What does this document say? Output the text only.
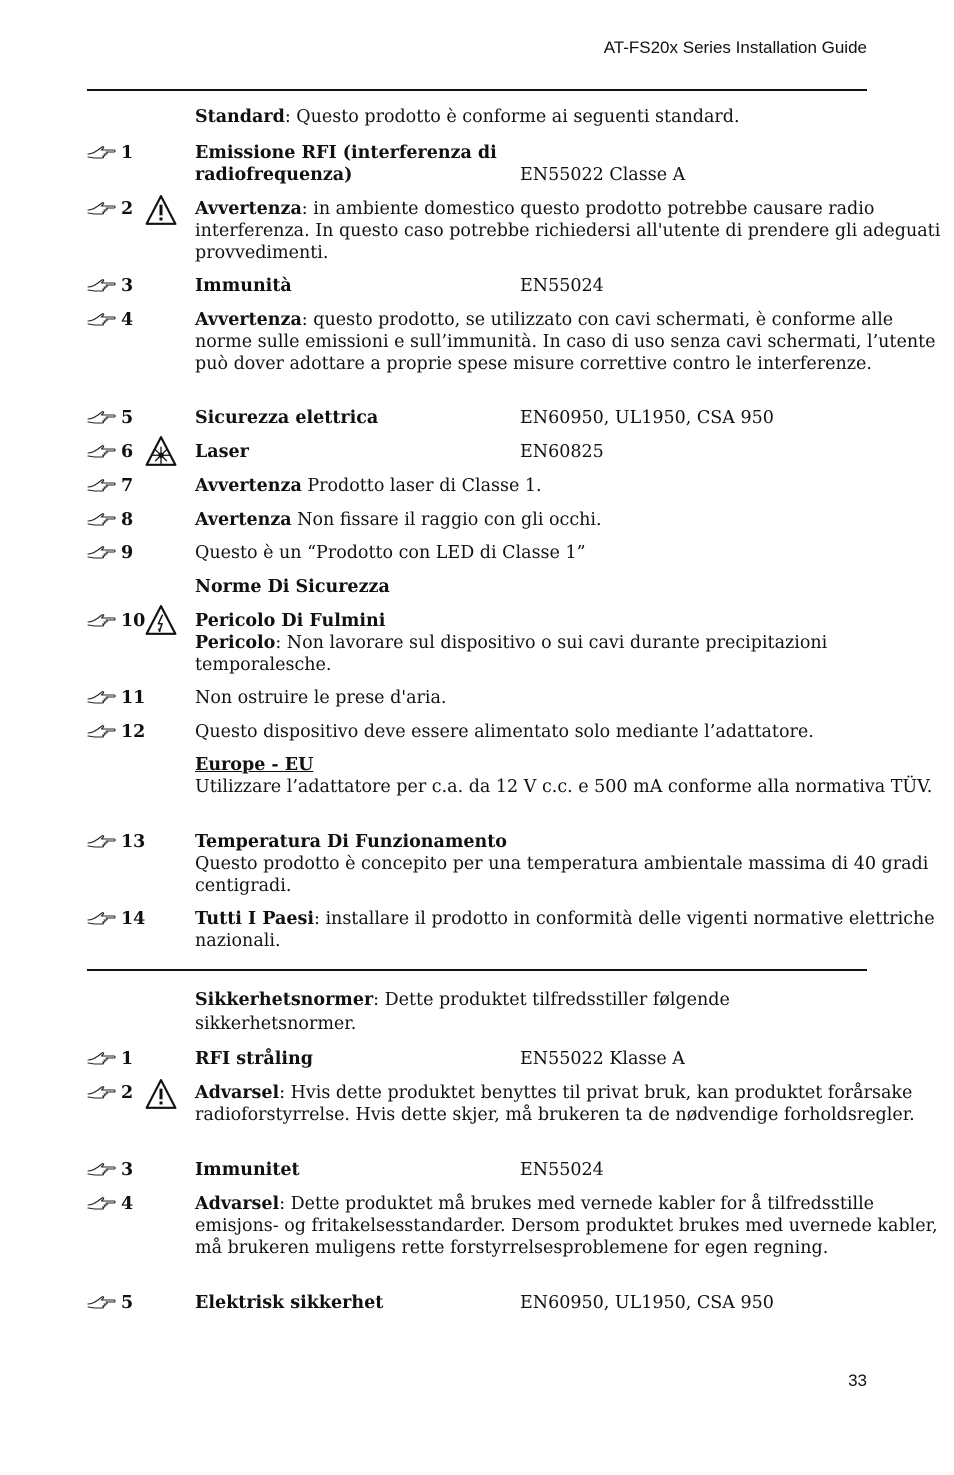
AT-FS20x Series Installation Guide
Standard: Questo prodotto è conforme ai seguenti standard.
1	Emissione RFI (interferenza di radiofrequenza)	EN55022 Classe A
2	Avvertenza: in ambiente domestico questo prodotto potrebbe causare radio interferenza. In questo caso potrebbe richiedersi all'utente di prendere gli adeguati provvedimenti.
3	Immunità	EN55024
4	Avvertenza: questo prodotto, se utilizzato con cavi schermati, è conforme alle norme sulle emissioni e sull’immunità. In caso di uso senza cavi schermati, l’utente può dover adottare a proprie spese misure correttive contro le interferenze.
5	Sicurezza elettrica	EN60950, UL1950, CSA 950
6	Laser	EN60825
7	Avvertenza Prodotto laser di Classe 1.
8	Avertenza Non fissare il raggio con gli occhi.
9	Questo è un “Prodotto con LED di Classe 1”
Norme Di Sicurezza
10	Pericolo Di Fulmini
Pericolo: Non lavorare sul dispositivo o sui cavi durante precipitazioni temporalesche.
11	Non ostruire le prese d'aria.
12	Questo dispositivo deve essere alimentato solo mediante l’adattatore.
Europe - EU
Utilizzare l’adattatore per c.a. da 12 V c.c. e 500 mA conforme alla normativa TÜV.
13	Temperatura Di Funzionamento
Questo prodotto è concepito per una temperatura ambientale massima di 40 gradi centigradi.
14	Tutti I Paesi: installare il prodotto in conformità delle vigenti normative elettriche nazionali.
Sikkerhetsnormer: Dette produktet tilfredsstiller følgende sikkerhetsnormer.
1	RFI stråling	EN55022 Klasse A
2	Advarsel: Hvis dette produktet benyttes til privat bruk, kan produktet forårsake radioforstyrrelse. Hvis dette skjer, må brukeren ta de nødvendige forholdsregler.
3	Immunitet	EN55024
4	Advarsel: Dette produktet må brukes med vernede kabler for å tilfredsstille emisjons- og fritakelsesstandarder. Dersom produktet brukes med uvernede kabler, må brukeren muligens rette forstyrrelsesproblemene for egen regning.
5	Elektrisk sikkerhet	EN60950, UL1950, CSA 950
33
